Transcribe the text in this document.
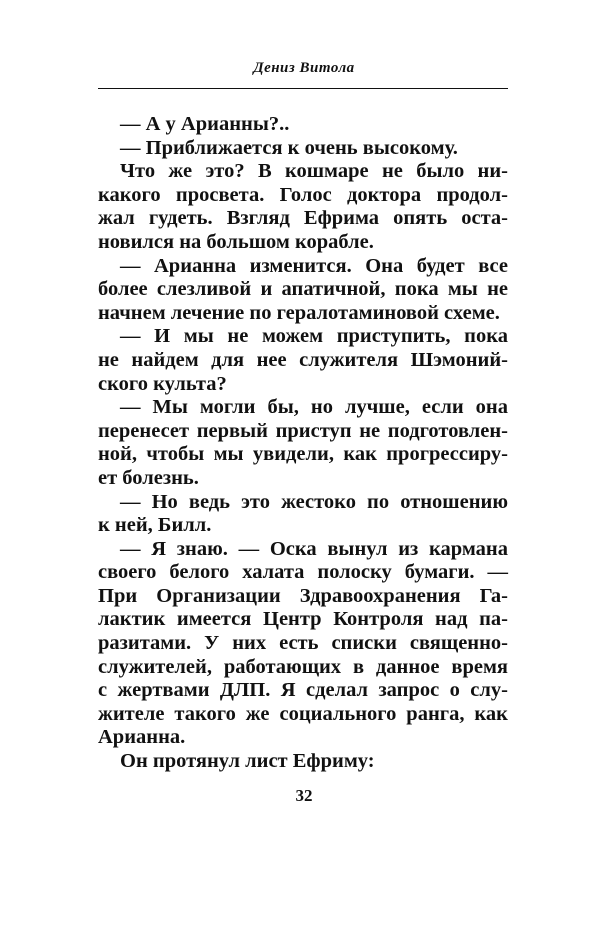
Дениз Витола
— А у Арианны?..
— Приближается к очень высокому.
Что же это? В кошмаре не было ни-
какого просвета. Голос доктора продол-
жал гудеть. Взгляд Ефрима опять оста-
новился на большом корабле.
— Арианна изменится. Она будет все
более слезливой и апатичной, пока мы не
начнем лечение по гералотаминовой схеме.
— И мы не можем приступить, пока
не найдем для нее служителя Шэмоний-
ского культа?
— Мы могли бы, но лучше, если она
перенесет первый приступ не подготовлен-
ной, чтобы мы увидели, как прогрессиру-
ет болезнь.
— Но ведь это жестоко по отношению
к ней, Билл.
— Я знаю. — Оска вынул из кармана
своего белого халата полоску бумаги. —
При Организации Здравоохранения Га-
лактик имеется Центр Контроля над па-
разитами. У них есть списки священно-
служителей, работающих в данное время
с жертвами ДЛП. Я сделал запрос о слу-
жителе такого же социального ранга, как
Арианна.
Он протянул лист Ефриму:
32
